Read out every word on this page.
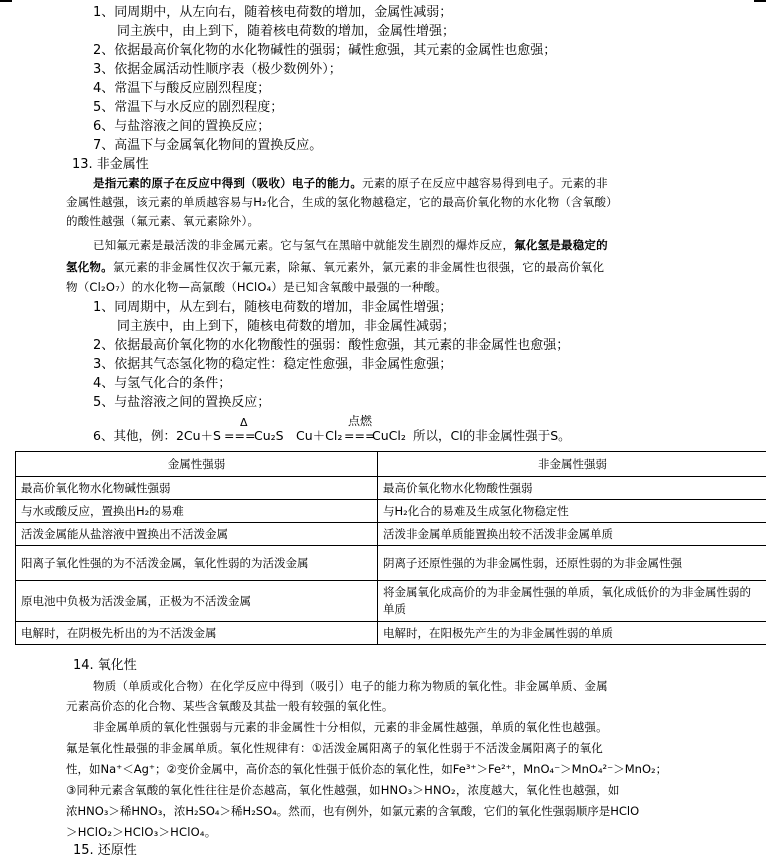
1、同周期中，从左向右，随着核电荷数的增加，金属性减弱；
同主族中，由上到下，随着核电荷数的增加，金属性增强；
2、依据最高价氧化物的水化物碱性的强弱；碱性愈强，其元素的金属性也愈强；
3、依据金属活动性顺序表（极少数例外）；
4、常温下与酸反应剧烈程度；
5、常温下与水反应的剧烈程度；
6、与盐溶液之间的置换反应；
7、高温下与金属氧化物间的置换反应。
13. 非金属性
是指元素的原子在反应中得到（吸收）电子的能力。元素的原子在反应中越容易得到电子。元素的非
金属性越强，该元素的单质越容易与H₂化合，生成的氢化物越稳定，它的最高价氧化物的水化物（含氧酸）
的酸性越强（氟元素、氧元素除外）。
已知氟元素是最活泼的非金属元素。它与氢气在黑暗中就能发生剧烈的爆炸反应，氟化氢是最稳定的
氢化物。氯元素的非金属性仅次于氟元素，除氟、氧元素外，氯元素的非金属性也很强，它的最高价氧化
物（Cl₂O₇）的水化物—高氯酸（HClO₄）是已知含氧酸中最强的一种酸。
1、同周期中，从左到右，随核电荷数的增加，非金属性增强；
同主族中，由上到下，随核电荷数的增加，非金属性减弱；
2、依据最高价氧化物的水化物酸性的强弱：酸性愈强，其元素的非金属性也愈强；
3、依据其气态氢化物的稳定性：稳定性愈强，非金属性愈强；
4、与氢气化合的条件；
5、与盐溶液之间的置换反应；
6、其他，例：2Cu＋S
Δ
===
Cu₂S Cu＋Cl₂
点燃
===
CuCl₂ 所以，Cl的非金属性强于S。
金属性强弱	非金属性强弱
最高价氧化物水化物碱性强弱	最高价氧化物水化物酸性强弱
与水或酸反应，置换出H₂的易难	与H₂化合的易难及生成氢化物稳定性
活泼金属能从盐溶液中置换出不活泼金属	活泼非金属单质能置换出较不活泼非金属单质
阳离子氧化性强的为不活泼金属，氧化性弱的为活泼金属	阴离子还原性强的为非金属性弱，还原性弱的为非金属性强
原电池中负极为活泼金属，正极为不活泼金属	将金属氧化成高价的为非金属性强的单质，氧化成低价的为非金属性弱的单质
电解时，在阴极先析出的为不活泼金属	电解时，在阳极先产生的为非金属性弱的单质
14. 氧化性
物质（单质或化合物）在化学反应中得到（吸引）电子的能力称为物质的氧化性。非金属单质、金属
元素高价态的化合物、某些含氧酸及其盐一般有较强的氧化性。
非金属单质的氧化性强弱与元素的非金属性十分相似，元素的非金属性越强，单质的氧化性也越强。
氟是氧化性最强的非金属单质。氧化性规律有：①活泼金属阳离子的氧化性弱于不活泼金属阳离子的氧化
性，如Na⁺＜Ag⁺；②变价金属中，高价态的氧化性强于低价态的氧化性，如Fe³⁺＞Fe²⁺，MnO₄⁻＞MnO₄²⁻＞MnO₂；
③同种元素含氧酸的氧化性往往是价态越高，氧化性越强，如HNO₃＞HNO₂，浓度越大，氧化性也越强，如
浓HNO₃＞稀HNO₃，浓H₂SO₄＞稀H₂SO₄。然而，也有例外，如氯元素的含氧酸，它们的氧化性强弱顺序是HClO
＞HClO₂＞HClO₃＞HClO₄。
15. 还原性
